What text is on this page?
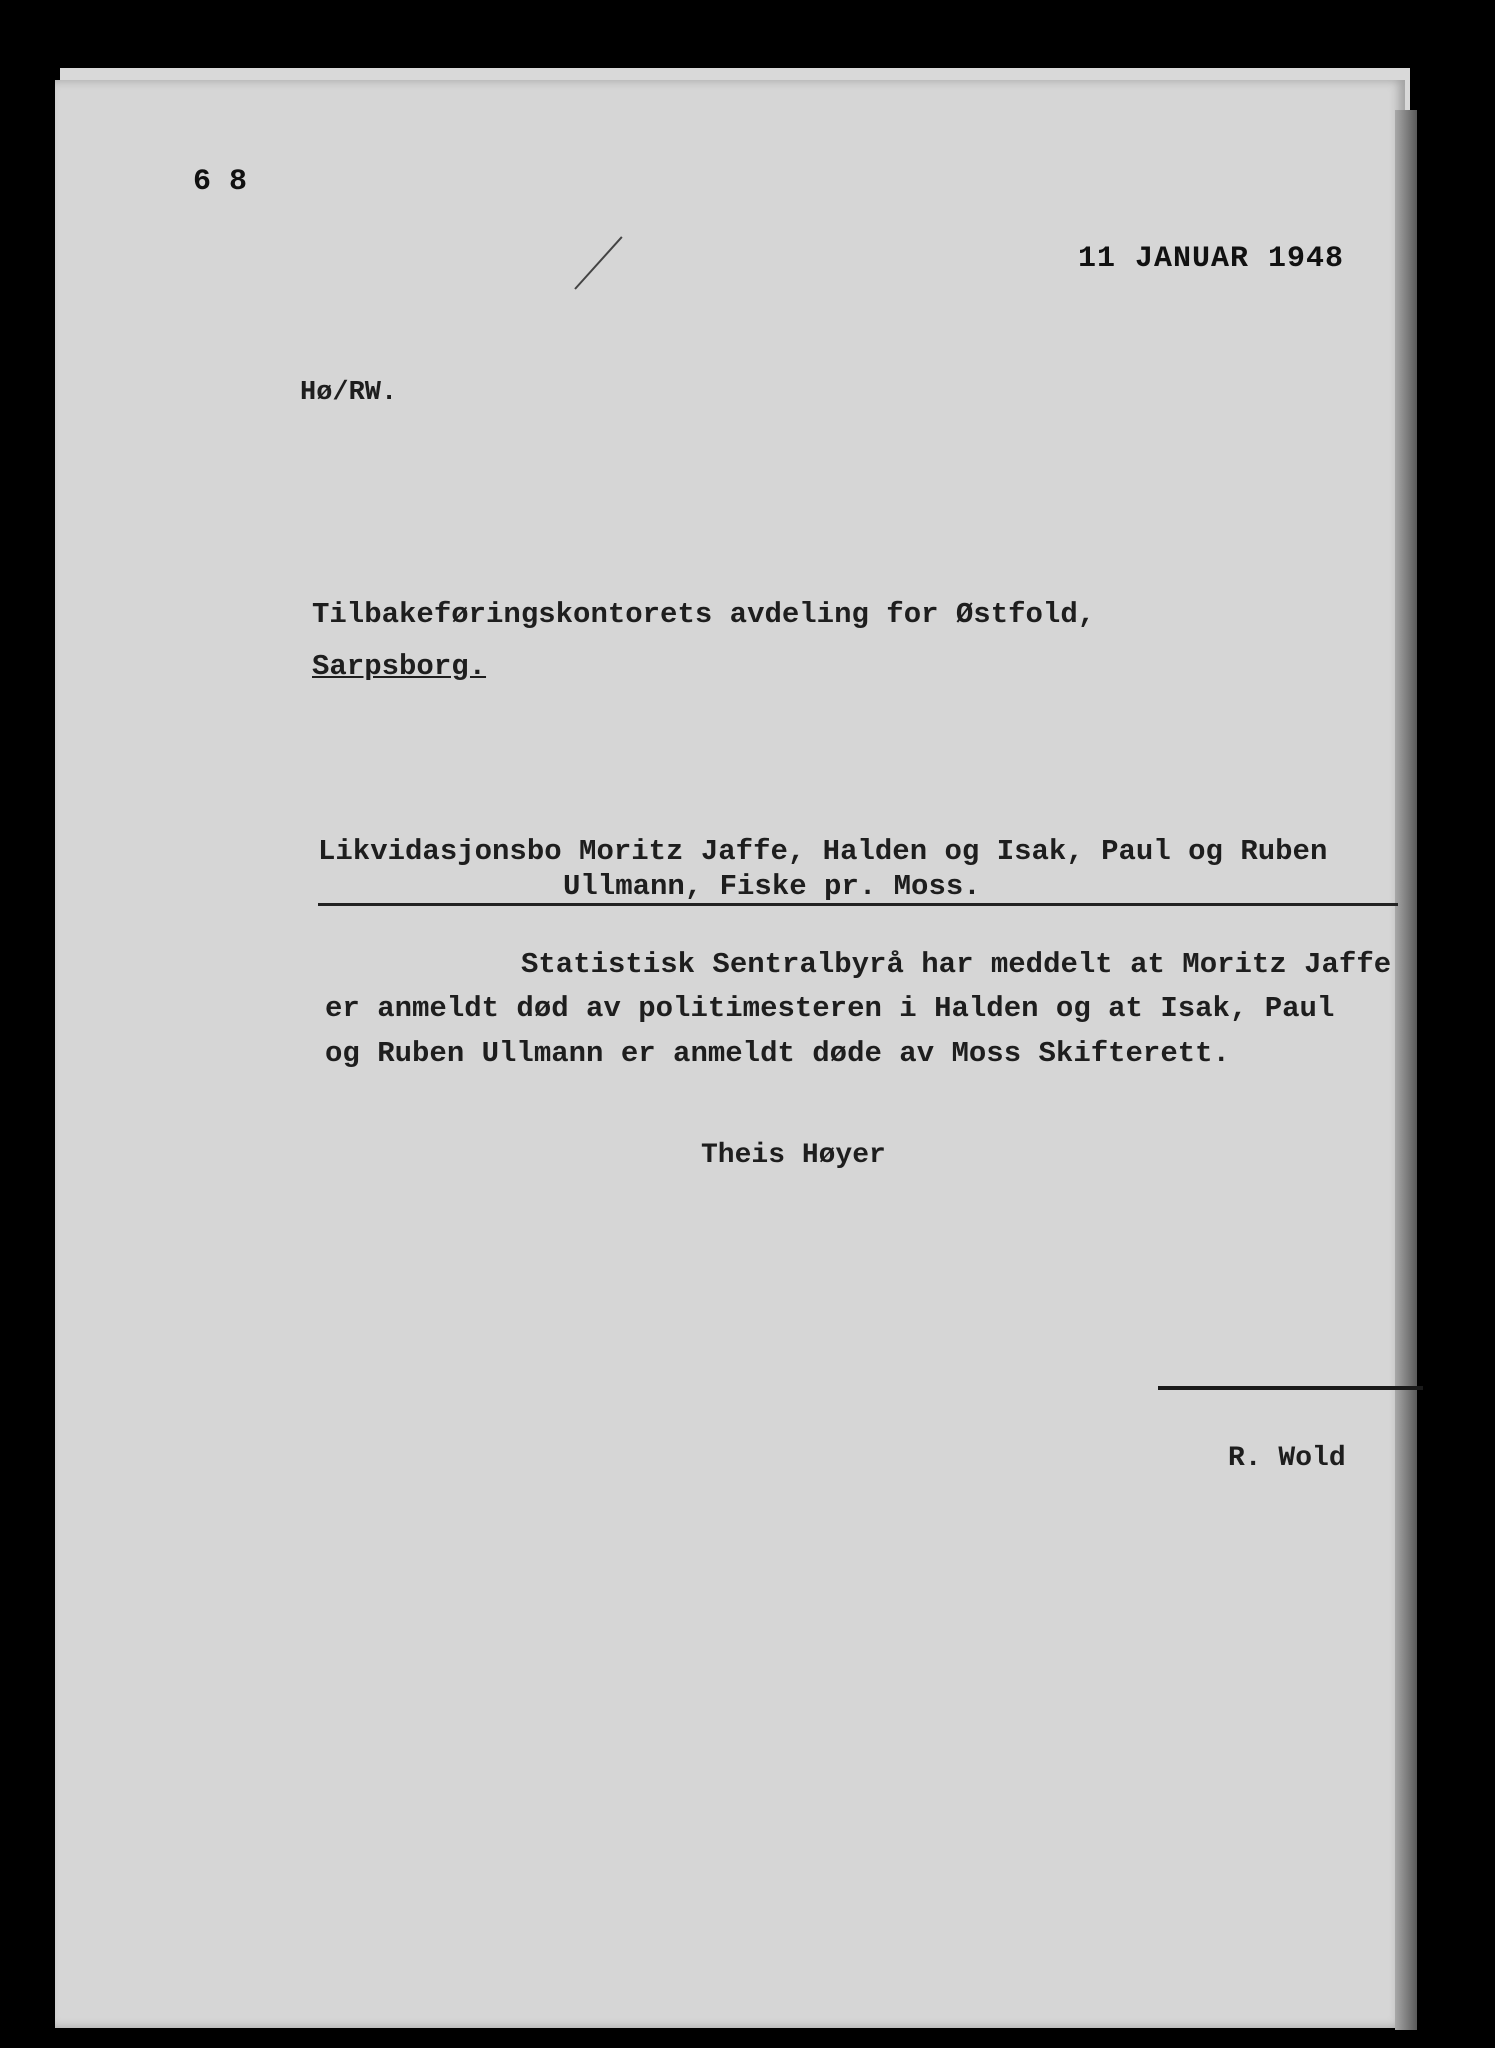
6 8
11 JANUAR 1948
Hø/RW.
Tilbakeføringskontorets avdeling for Østfold,
Sarpsborg.
Likvidasjonsbo Moritz Jaffe, Halden og Isak, Paul og Ruben
Ullmann, Fiske pr. Moss.
Statistisk Sentralbyrå har meddelt at Moritz Jaffe
er anmeldt død av politimesteren i Halden og at Isak, Paul
og Ruben Ullmann er anmeldt døde av Moss Skifterett.
Theis Høyer
R. Wold
